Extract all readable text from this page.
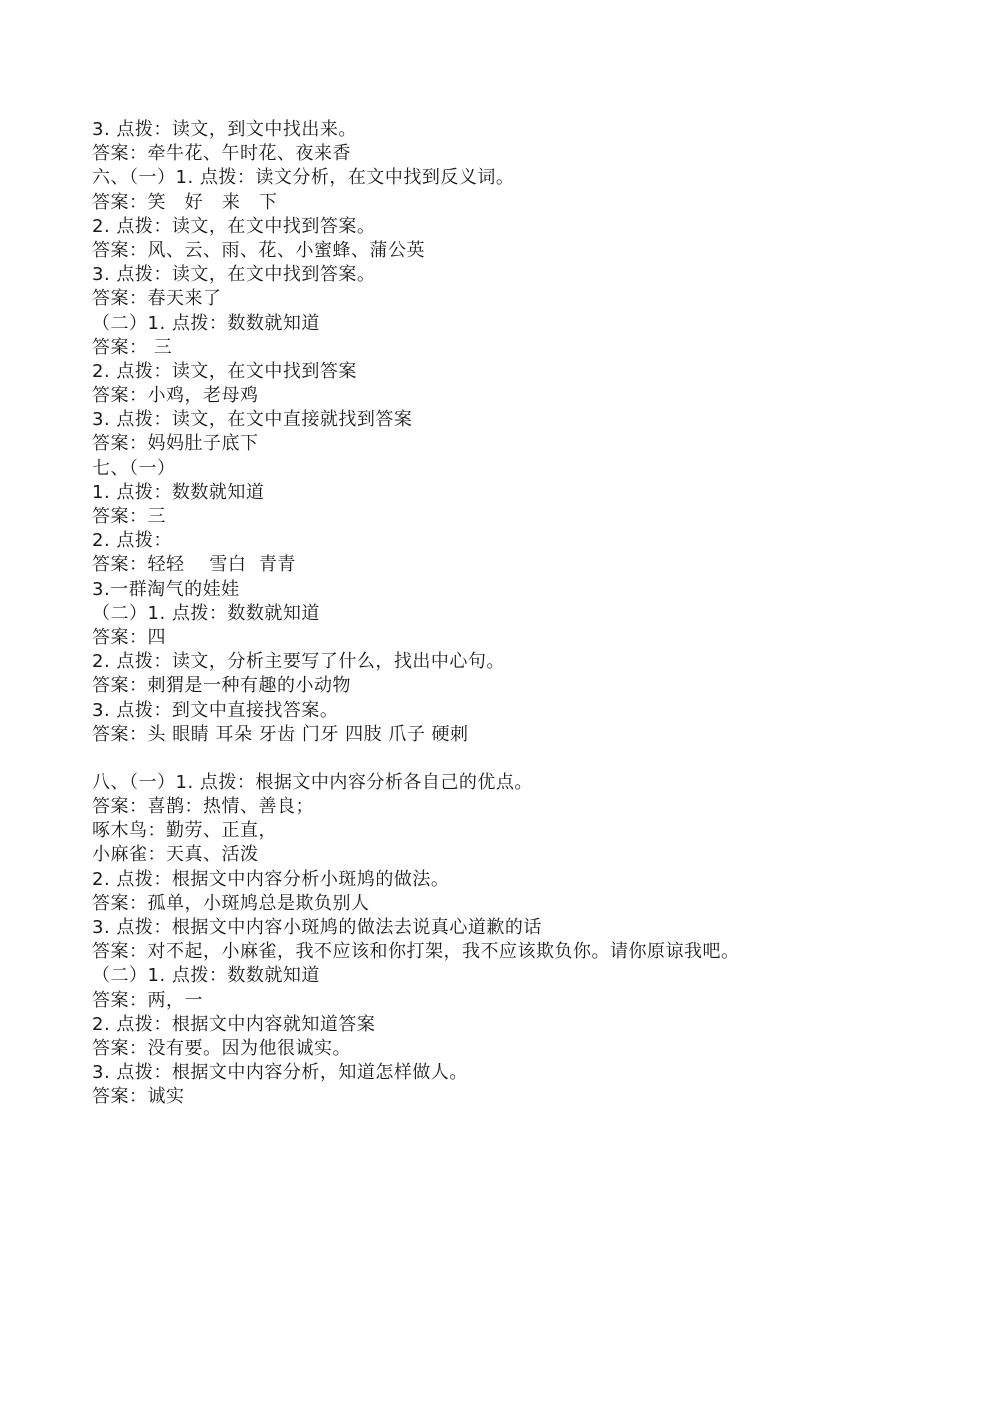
3. 点拨：读文，到文中找出来。
答案：牵牛花、午时花、夜来香
六、（一）1. 点拨：读文分析，在文中找到反义词。
答案：笑   好   来   下
2. 点拨：读文，在文中找到答案。
答案：风、云、雨、花、小蜜蜂、蒲公英
3. 点拨：读文，在文中找到答案。
答案：春天来了
（二）1. 点拨：数数就知道
答案： 三
2. 点拨：读文，在文中找到答案
答案：小鸡，老母鸡
3. 点拨：读文，在文中直接就找到答案
答案：妈妈肚子底下
七、（一）
1. 点拨：数数就知道
答案：三
2. 点拨：
答案：轻轻    雪白  青青
3.一群淘气的娃娃
（二）1. 点拨：数数就知道
答案：四
2. 点拨：读文，分析主要写了什么，找出中心句。
答案：刺猬是一种有趣的小动物
3. 点拨：到文中直接找答案。
答案：头 眼睛 耳朵 牙齿 门牙 四肢 爪子 硬刺
八、（一）1. 点拨：根据文中内容分析各自己的优点。
答案：喜鹊：热情、善良；
啄木鸟：勤劳、正直，
小麻雀：天真、活泼
2. 点拨：根据文中内容分析小斑鸠的做法。
答案：孤单，小斑鸠总是欺负别人
3. 点拨：根据文中内容小斑鸠的做法去说真心道歉的话
答案：对不起，小麻雀，我不应该和你打架，我不应该欺负你。请你原谅我吧。
（二）1. 点拨：数数就知道
答案：两，一
2. 点拨：根据文中内容就知道答案
答案：没有要。因为他很诚实。
3. 点拨：根据文中内容分析，知道怎样做人。
答案：诚实
